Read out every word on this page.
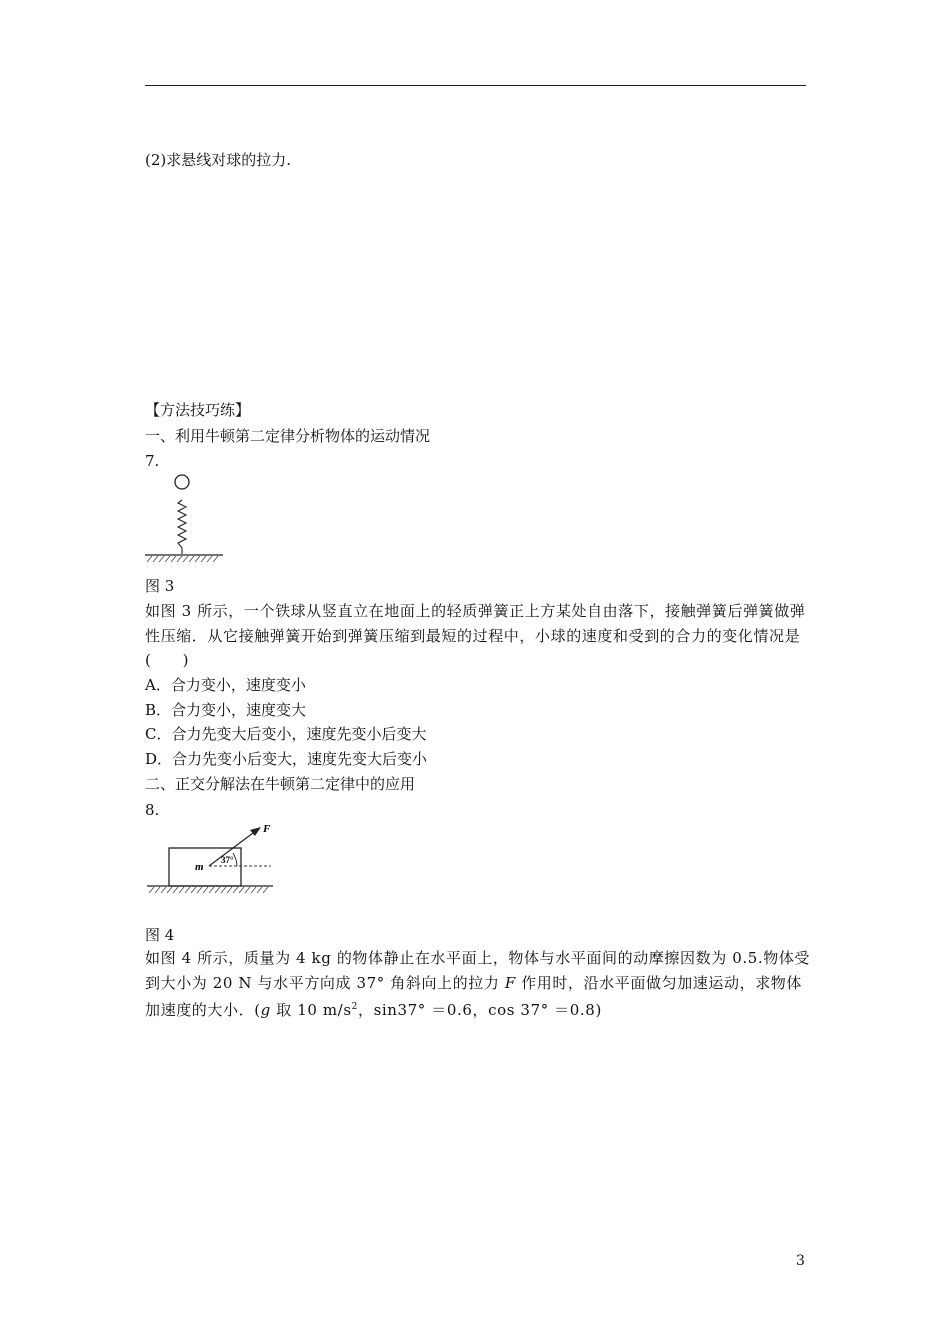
(2)求悬线对球的拉力.
【方法技巧练】
一、利用牛顿第二定律分析物体的运动情况
7.
图 3
如图 3 所示，一个铁球从竖直立在地面上的轻质弹簧正上方某处自由落下，接触弹簧后弹簧做弹性压缩．从它接触弹簧开始到弹簧压缩到最短的过程中，小球的速度和受到的合力的变化情况是(　　)
A．合力变小，速度变小
B．合力变小，速度变大
C．合力先变大后变小，速度先变小后变大
D．合力先变小后变大，速度先变大后变小
二、正交分解法在牛顿第二定律中的应用
8.
F
m
37°
图 4
如图 4 所示，质量为 4 kg 的物体静止在水平面上，物体与水平面间的动摩擦因数为 0.5.物体受到大小为 20 N 与水平方向成 37° 角斜向上的拉力 F 作用时，沿水平面做匀加速运动，求物体加速度的大小．(g 取 10 $m/s^2$，sin37° ＝0.6，cos 37° ＝0.8)
3
